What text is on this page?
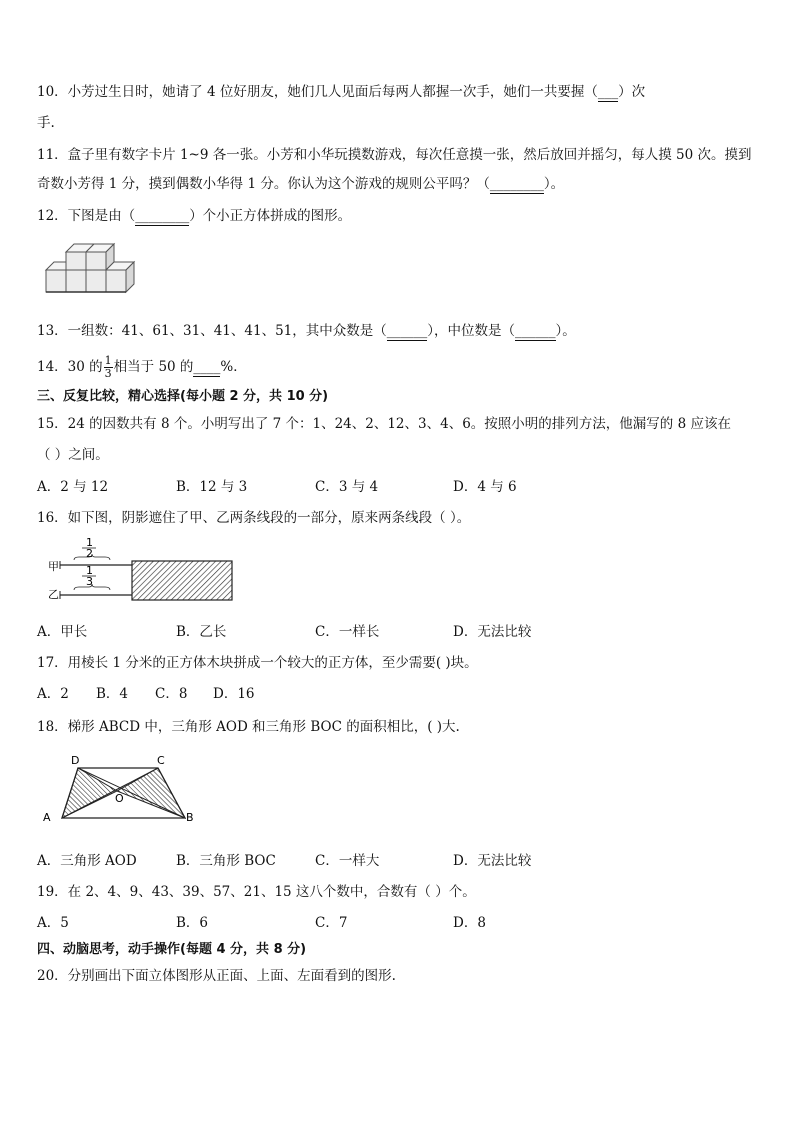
10．小芳过生日时，她请了 4 位好朋友，她们几人见面后每两人都握一次手，她们一共要握（___）次
手.
11．盒子里有数字卡片 1~9 各一张。小芳和小华玩摸数游戏，每次任意摸一张，然后放回并摇匀，每人摸 50 次。摸到
奇数小芳得 1 分，摸到偶数小华得 1 分。你认为这个游戏的规则公平吗？（________）。
12．下图是由（________）个小正方体拼成的图形。
13．一组数：41、61、31、41、41、51，其中众数是（______），中位数是（______）。
14．30 的 $\frac{1}{3}$ 相当于 50 的____%．
三、反复比较，精心选择(每小题 2 分，共 10 分)
15．24 的因数共有 8 个。小明写出了 7 个：1、24、2、12、3、4、6。按照小明的排列方法，他漏写的 8 应该在
（ ）之间。
A．2 与 12	B．12 与 3	C．3 与 4	D．4 与 6
16．如下图，阴影遮住了甲、乙两条线段的一部分，原来两条线段（ ）。
甲
乙
1
2
1
3
A．甲长	B．乙长	C．一样长	D．无法比较
17．用棱长 1 分米的正方体木块拼成一个较大的正方体，至少需要( )块。
A．2 B．4 C．8 D．16
18．梯形 ABCD 中，三角形 AOD 和三角形 BOC 的面积相比，( )大.
D	C
A	B
O
A．三角形 AOD	B．三角形 BOC	C．一样大	D．无法比较
19．在 2、4、9、43、39、57、21、15 这八个数中，合数有（ ）个。
A．5	B．6	C．7	D．8
四、动脑思考，动手操作(每题 4 分，共 8 分)
20．分别画出下面立体图形从正面、上面、左面看到的图形.
